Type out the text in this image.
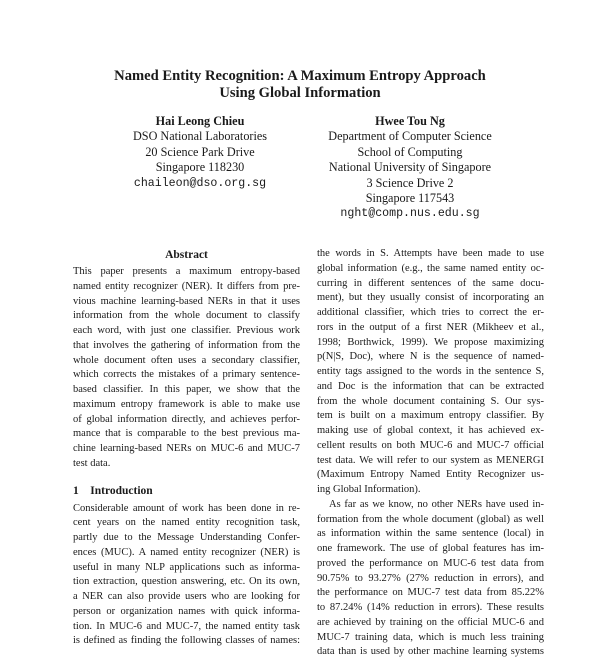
Named Entity Recognition: A Maximum Entropy Approach
Using Global Information
Hai Leong Chieu
DSO National Laboratories
20 Science Park Drive
Singapore 118230
chaileon@dso.org.sg
Hwee Tou Ng
Department of Computer Science
School of Computing
National University of Singapore
3 Science Drive 2
Singapore 117543
nght@comp.nus.edu.sg
Abstract
This paper presents a maximum entropy-based
named entity recognizer (NER). It differs from pre-
vious machine learning-based NERs in that it uses
information from the whole document to classify
each word, with just one classifier. Previous work
that involves the gathering of information from the
whole document often uses a secondary classifier,
which corrects the mistakes of a primary sentence-
based classifier. In this paper, we show that the
maximum entropy framework is able to make use
of global information directly, and achieves perfor-
mance that is comparable to the best previous ma-
chine learning-based NERs on MUC-6 and MUC-7
test data.
1 Introduction
Considerable amount of work has been done in re-
cent years on the named entity recognition task,
partly due to the Message Understanding Confer-
ences (MUC). A named entity recognizer (NER) is
useful in many NLP applications such as informa-
tion extraction, question answering, etc. On its own,
a NER can also provide users who are looking for
person or organization names with quick informa-
tion. In MUC-6 and MUC-7, the named entity task
is defined as finding the following classes of names:
the words in S. Attempts have been made to use
global information (e.g., the same named entity oc-
curring in different sentences of the same docu-
ment), but they usually consist of incorporating an
additional classifier, which tries to correct the er-
rors in the output of a first NER (Mikheev et al.,
1998; Borthwick, 1999). We propose maximizing
p(N|S, Doc), where N is the sequence of named-
entity tags assigned to the words in the sentence S,
and Doc is the information that can be extracted
from the whole document containing S. Our sys-
tem is built on a maximum entropy classifier. By
making use of global context, it has achieved ex-
cellent results on both MUC-6 and MUC-7 official
test data. We will refer to our system as MENERGI
(Maximum Entropy Named Entity Recognizer us-
ing Global Information).
As far as we know, no other NERs have used in-
formation from the whole document (global) as well
as information within the same sentence (local) in
one framework. The use of global features has im-
proved the performance on MUC-6 test data from
90.75% to 93.27% (27% reduction in errors), and
the performance on MUC-7 test data from 85.22%
to 87.24% (14% reduction in errors). These results
are achieved by training on the official MUC-6 and
MUC-7 training data, which is much less training
data than is used by other machine learning systems
